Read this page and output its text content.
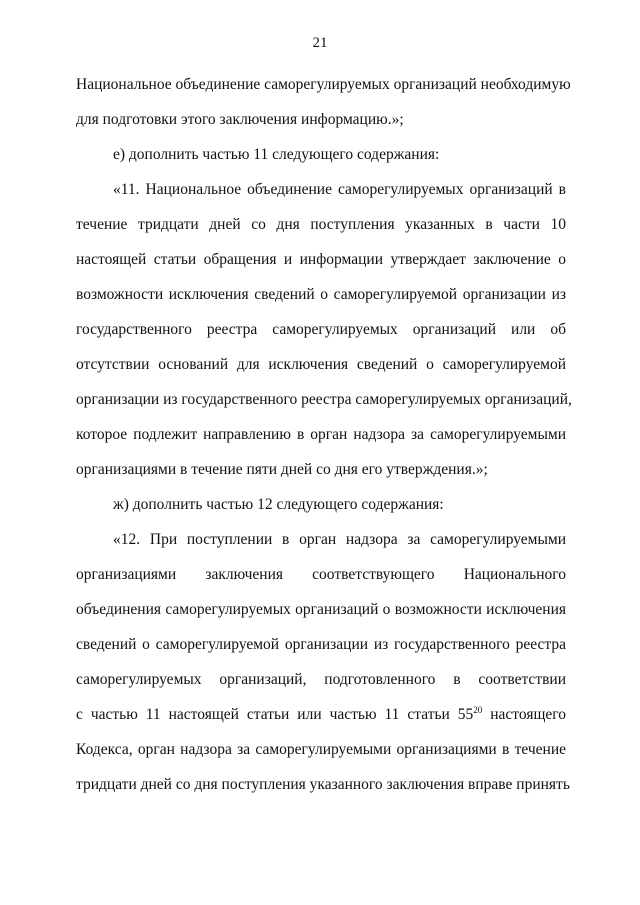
21
Национальное объединение саморегулируемых организаций необходимую
для подготовки этого заключения информацию.»;
е) дополнить частью 11 следующего содержания:
«11. Национальное объединение саморегулируемых организаций в
течение тридцати дней со дня поступления указанных в части 10
настоящей статьи обращения и информации утверждает заключение о
возможности исключения сведений о саморегулируемой организации из
государственного реестра саморегулируемых организаций или об
отсутствии оснований для исключения сведений о саморегулируемой
организации из государственного реестра саморегулируемых организаций,
которое подлежит направлению в орган надзора за саморегулируемыми
организациями в течение пяти дней со дня его утверждения.»;
ж) дополнить частью 12 следующего содержания:
«12. При поступлении в орган надзора за саморегулируемыми
организациями заключения соответствующего Национального
объединения саморегулируемых организаций о возможности исключения
сведений о саморегулируемой организации из государственного реестра
саморегулируемых организаций, подготовленного в соответствии
с частью 11 настоящей статьи или частью 11 статьи $55^{20}$ настоящего
Кодекса, орган надзора за саморегулируемыми организациями в течение
тридцати дней со дня поступления указанного заключения вправе принять
